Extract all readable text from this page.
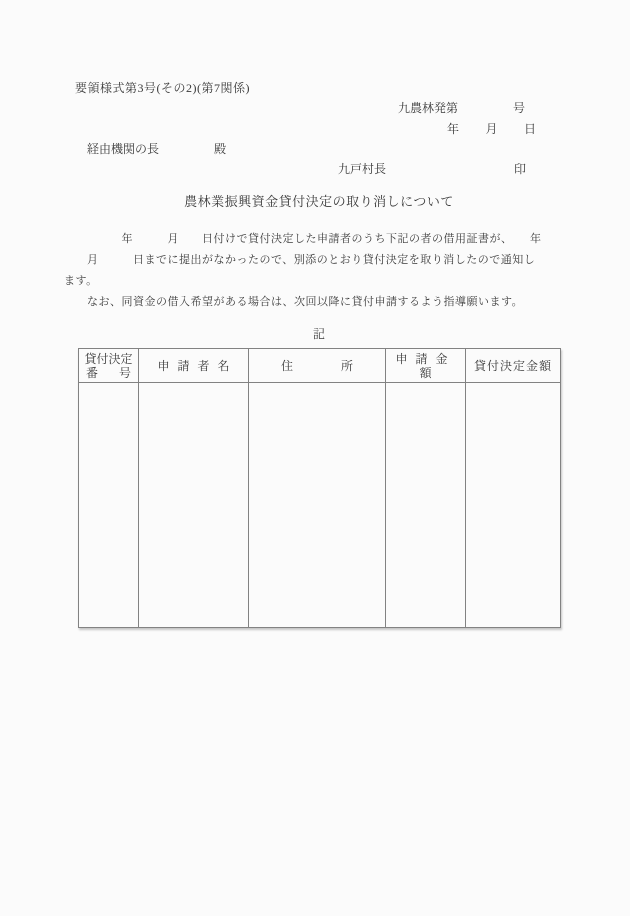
要領様式第3号(その2)(第7関係)
九農林発第	号
年 月 日
経由機関の長	殿
九戸村長	印
農林業振興資金貸付決定の取り消しについて
　　　　　年　　　月　　日付けで貸付決定した申請者のうち下記の者の借用証書が、　　年
　　月　　　日までに提出がなかったので、別添のとおり貸付決定を取り消したので通知し
ます。
　　なお、同資金の借入希望がある場合は、次回以降に貸付申請するよう指導願います。
記
貸付決定
番 号	申請者名	住	所	申請金額	貸付決定金額
